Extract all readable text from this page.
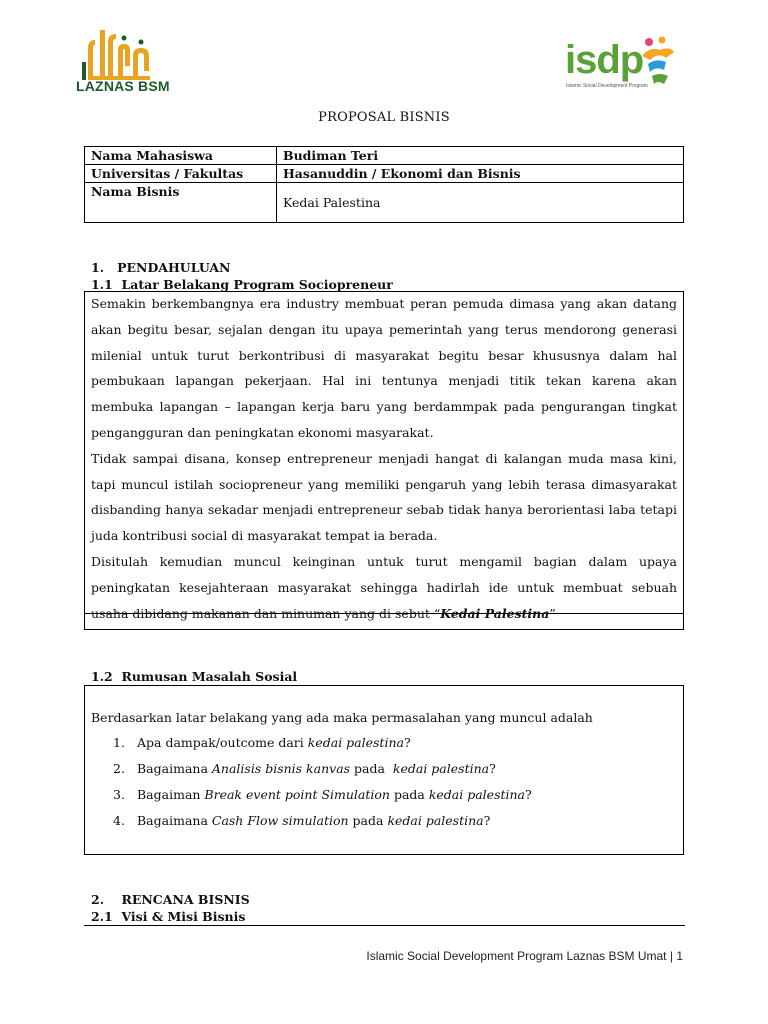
LAZNAS BSM
isdp
Islamic Social Development Program
PROPOSAL BISNIS
Nama Mahasiswa	Budiman Teri
Universitas / Fakultas	Hasanuddin / Ekonomi dan Bisnis
Nama Bisnis	Kedai Palestina
1.   PENDAHULUAN
1.1  Latar Belakang Program Sociopreneur

Semakin berkembangnya era industry membuat peran pemuda dimasa yang akan datang akan begitu besar, sejalan dengan itu upaya pemerintah yang terus mendorong generasi milenial untuk turut berkontribusi di masyarakat begitu besar khususnya dalam hal pembukaan lapangan pekerjaan. Hal ini tentunya menjadi titik tekan karena akan membuka lapangan – lapangan kerja baru yang berdammpak pada pengurangan tingkat pengangguran dan peningkatan ekonomi masyarakat.

Tidak sampai disana, konsep entrepreneur menjadi hangat di kalangan muda masa kini, tapi muncul istilah sociopreneur yang memiliki pengaruh yang lebih terasa dimasyarakat disbanding hanya sekadar menjadi entrepreneur sebab tidak hanya berorientasi laba tetapi juda kontribusi social di masyarakat tempat ia berada.

Disitulah kemudian muncul keinginan untuk turut mengamil bagian dalam upaya peningkatan kesejahteraan masyarakat sehingga hadirlah ide untuk membuat sebuah usaha dibidang makanan dan minuman yang di sebut “Kedai Palestina”

1.2  Rumusan Masalah Sosial
Berdasarkan latar belakang yang ada maka permasalahan yang muncul adalah
1. Apa dampak/outcome dari kedai palestina?
2. Bagaimana Analisis bisnis kanvas pada  kedai palestina?
3. Bagaiman Break event point Simulation pada kedai palestina?
4. Bagaimana Cash Flow simulation pada kedai palestina?
2.    RENCANA BISNIS
2.1  Visi & Misi Bisnis
Islamic Social Development Program Laznas BSM Umat | 1
